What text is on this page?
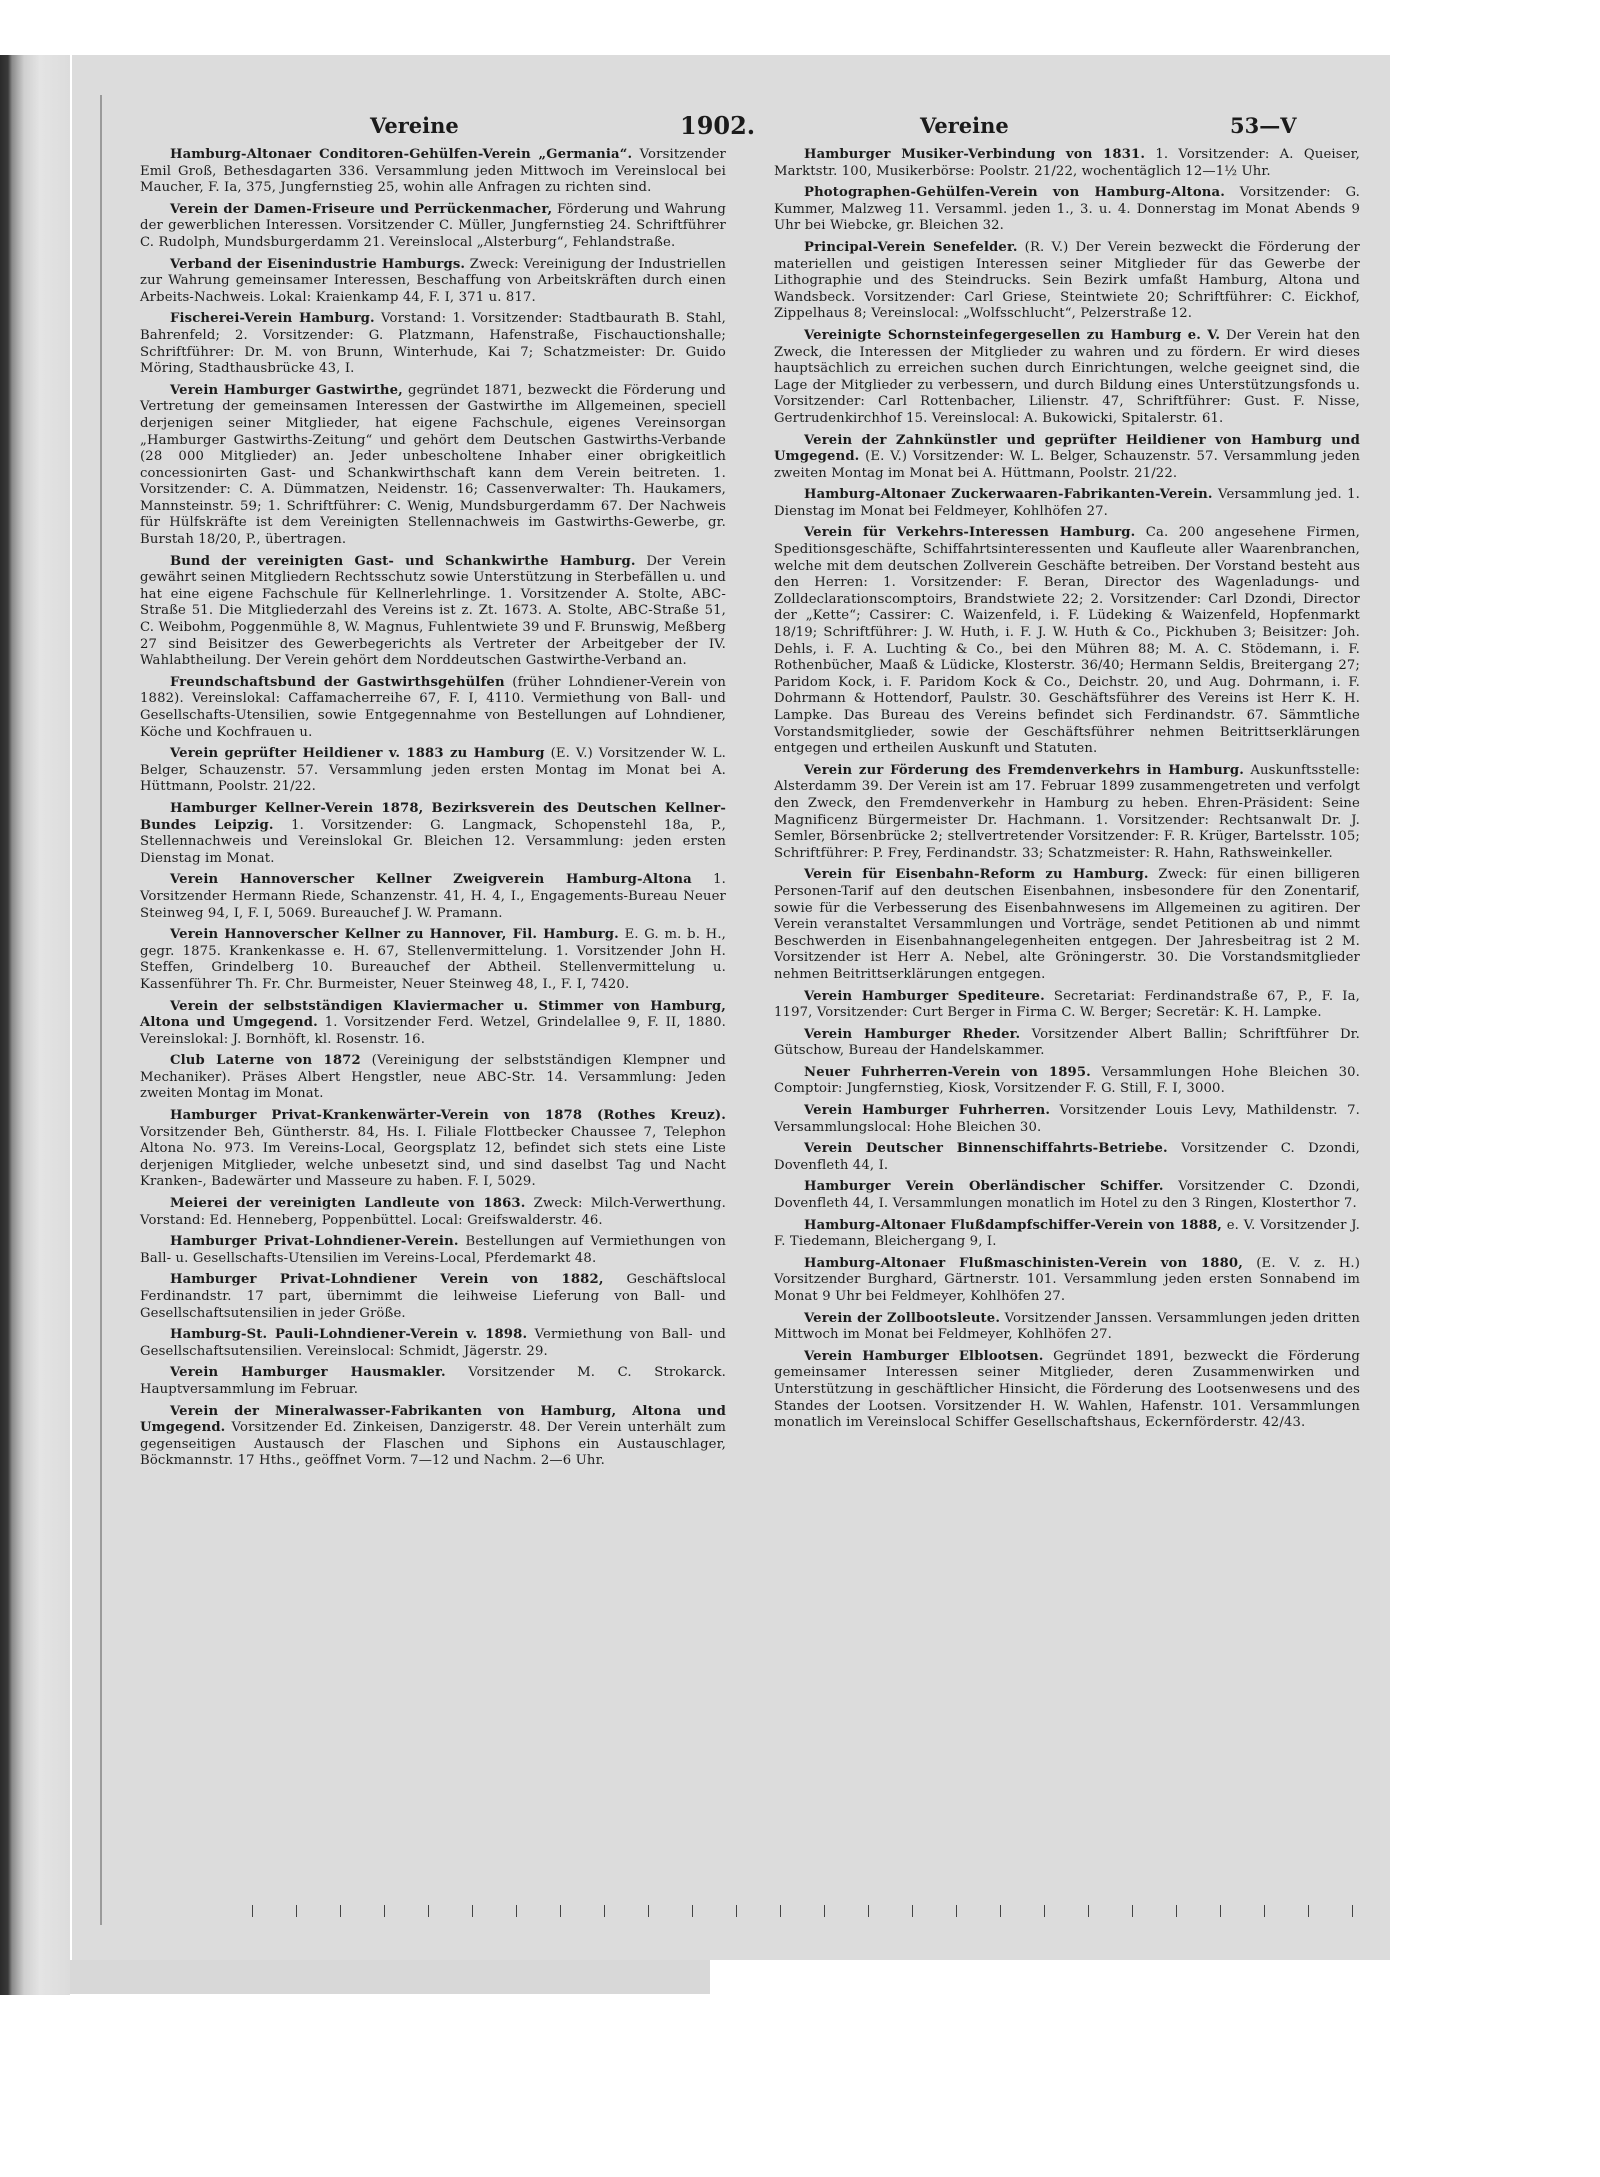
Vereine	1902.	Vereine	53—V

Hamburg-Altonaer Conditoren-Gehülfen-Verein „Germania“. Vorsitzender Emil Groß, Bethesdagarten 336. Versammlung jeden Mittwoch im Vereinslocal bei Maucher, F. Ia, 375, Jungfernstieg 25, wohin alle Anfragen zu richten sind.

Verein der Damen-Friseure und Perrückenmacher, Förderung und Wahrung der gewerblichen Interessen. Vorsitzender C. Müller, Jungfernstieg 24. Schriftführer C. Rudolph, Mundsburgerdamm 21. Vereinslocal „Alsterburg“, Fehlandstraße.

Verband der Eisenindustrie Hamburgs. Zweck: Vereinigung der Industriellen zur Wahrung gemeinsamer Interessen, Beschaffung von Arbeitskräften durch einen Arbeits-Nachweis. Lokal: Kraienkamp 44, F. I, 371 u. 817.

Fischerei-Verein Hamburg. Vorstand: 1. Vorsitzender: Stadtbaurath B. Stahl, Bahrenfeld; 2. Vorsitzender: G. Platzmann, Hafenstraße, Fischauctionshalle; Schriftführer: Dr. M. von Brunn, Winterhude, Kai 7; Schatzmeister: Dr. Guido Möring, Stadthausbrücke 43, I.

Verein Hamburger Gastwirthe, gegründet 1871, bezweckt die Förderung und Vertretung der gemeinsamen Interessen der Gastwirthe im Allgemeinen, speciell derjenigen seiner Mitglieder, hat eigene Fachschule, eigenes Vereinsorgan „Hamburger Gastwirths-Zeitung“ und gehört dem Deutschen Gastwirths-Verbande (28 000 Mitglieder) an. Jeder unbescholtene Inhaber einer obrigkeitlich concessionirten Gast- und Schankwirthschaft kann dem Verein beitreten. 1. Vorsitzender: C. A. Dümmatzen, Neidenstr. 16; Cassenverwalter: Th. Haukamers, Mannsteinstr. 59; 1. Schriftführer: C. Wenig, Mundsburgerdamm 67. Der Nachweis für Hülfskräfte ist dem Vereinigten Stellennachweis im Gastwirths-Gewerbe, gr. Burstah 18/20, P., übertragen.

Bund der vereinigten Gast- und Schankwirthe Hamburg. Der Verein gewährt seinen Mitgliedern Rechtsschutz sowie Unterstützung in Sterbefällen u. und hat eine eigene Fachschule für Kellnerlehrlinge. 1. Vorsitzender A. Stolte, ABC-Straße 51. Die Mitgliederzahl des Vereins ist z. Zt. 1673. A. Stolte, ABC-Straße 51, C. Weibohm, Poggenmühle 8, W. Magnus, Fuhlentwiete 39 und F. Brunswig, Meßberg 27 sind Beisitzer des Gewerbegerichts als Vertreter der Arbeitgeber der IV. Wahlabtheilung. Der Verein gehört dem Norddeutschen Gastwirthe-Verband an.

Freundschaftsbund der Gastwirthsgehülfen (früher Lohndiener-Verein von 1882). Vereinslokal: Caffamacherreihe 67, F. I, 4110. Vermiethung von Ball- und Gesellschafts-Utensilien, sowie Entgegennahme von Bestellungen auf Lohndiener, Köche und Kochfrauen u.

Verein geprüfter Heildiener v. 1883 zu Hamburg (E. V.) Vorsitzender W. L. Belger, Schauzenstr. 57. Versammlung jeden ersten Montag im Monat bei A. Hüttmann, Poolstr. 21/22.

Hamburger Kellner-Verein 1878, Bezirksverein des Deutschen Kellner-Bundes Leipzig. 1. Vorsitzender: G. Langmack, Schopenstehl 18a, P., Stellennachweis und Vereinslokal Gr. Bleichen 12. Versammlung: jeden ersten Dienstag im Monat.

Verein Hannoverscher Kellner Zweigverein Hamburg-Altona 1. Vorsitzender Hermann Riede, Schanzenstr. 41, H. 4, I., Engagements-Bureau Neuer Steinweg 94, I, F. I, 5069. Bureauchef J. W. Pramann.

Verein Hannoverscher Kellner zu Hannover, Fil. Hamburg. E. G. m. b. H., gegr. 1875. Krankenkasse e. H. 67, Stellenvermittelung. 1. Vorsitzender John H. Steffen, Grindelberg 10. Bureauchef der Abtheil. Stellenvermittelung u. Kassenführer Th. Fr. Chr. Burmeister, Neuer Steinweg 48, I., F. I, 7420.

Verein der selbstständigen Klaviermacher u. Stimmer von Hamburg, Altona und Umgegend. 1. Vorsitzender Ferd. Wetzel, Grindelallee 9, F. II, 1880. Vereinslokal: J. Bornhöft, kl. Rosenstr. 16.

Club Laterne von 1872 (Vereinigung der selbstständigen Klempner und Mechaniker). Präses Albert Hengstler, neue ABC-Str. 14. Versammlung: Jeden zweiten Montag im Monat.

Hamburger Privat-Krankenwärter-Verein von 1878 (Rothes Kreuz). Vorsitzender Beh, Güntherstr. 84, Hs. I. Filiale Flottbecker Chaussee 7, Telephon Altona No. 973. Im Vereins-Local, Georgsplatz 12, befindet sich stets eine Liste derjenigen Mitglieder, welche unbesetzt sind, und sind daselbst Tag und Nacht Kranken-, Badewärter und Masseure zu haben. F. I, 5029.

Meierei der vereinigten Landleute von 1863. Zweck: Milch-Verwerthung. Vorstand: Ed. Henneberg, Poppenbüttel. Local: Greifswalderstr. 46.

Hamburger Privat-Lohndiener-Verein. Bestellungen auf Vermiethungen von Ball- u. Gesellschafts-Utensilien im Vereins-Local, Pferdemarkt 48.

Hamburger Privat-Lohndiener Verein von 1882, Geschäftslocal Ferdinandstr. 17 part, übernimmt die leihweise Lieferung von Ball- und Gesellschaftsutensilien in jeder Größe.

Hamburg-St. Pauli-Lohndiener-Verein v. 1898. Vermiethung von Ball- und Gesellschaftsutensilien. Vereinslocal: Schmidt, Jägerstr. 29.

Verein Hamburger Hausmakler. Vorsitzender M. C. Strokarck. Hauptversammlung im Februar.

Verein der Mineralwasser-Fabrikanten von Hamburg, Altona und Umgegend. Vorsitzender Ed. Zinkeisen, Danzigerstr. 48. Der Verein unterhält zum gegenseitigen Austausch der Flaschen und Siphons ein Austauschlager, Böckmannstr. 17 Hths., geöffnet Vorm. 7—12 und Nachm. 2—6 Uhr.

Hamburger Musiker-Verbindung von 1831. 1. Vorsitzender: A. Queiser, Marktstr. 100, Musikerbörse: Poolstr. 21/22, wochentäglich 12—1½ Uhr.

Photographen-Gehülfen-Verein von Hamburg-Altona. Vorsitzender: G. Kummer, Malzweg 11. Versamml. jeden 1., 3. u. 4. Donnerstag im Monat Abends 9 Uhr bei Wiebcke, gr. Bleichen 32.

Principal-Verein Senefelder. (R. V.) Der Verein bezweckt die Förderung der materiellen und geistigen Interessen seiner Mitglieder für das Gewerbe der Lithographie und des Steindrucks. Sein Bezirk umfaßt Hamburg, Altona und Wandsbeck. Vorsitzender: Carl Griese, Steintwiete 20; Schriftführer: C. Eickhof, Zippelhaus 8; Vereinslocal: „Wolfsschlucht“, Pelzerstraße 12.

Vereinigte Schornsteinfegergesellen zu Hamburg e. V. Der Verein hat den Zweck, die Interessen der Mitglieder zu wahren und zu fördern. Er wird dieses hauptsächlich zu erreichen suchen durch Einrichtungen, welche geeignet sind, die Lage der Mitglieder zu verbessern, und durch Bildung eines Unterstützungsfonds u. Vorsitzender: Carl Rottenbacher, Lilienstr. 47, Schriftführer: Gust. F. Nisse, Gertrudenkirchhof 15. Vereinslocal: A. Bukowicki, Spitalerstr. 61.

Verein der Zahnkünstler und geprüfter Heildiener von Hamburg und Umgegend. (E. V.) Vorsitzender: W. L. Belger, Schauzenstr. 57. Versammlung jeden zweiten Montag im Monat bei A. Hüttmann, Poolstr. 21/22.

Hamburg-Altonaer Zuckerwaaren-Fabrikanten-Verein. Versammlung jed. 1. Dienstag im Monat bei Feldmeyer, Kohlhöfen 27.

Verein für Verkehrs-Interessen Hamburg. Ca. 200 angesehene Firmen, Speditionsgeschäfte, Schiffahrtsinteressenten und Kaufleute aller Waarenbranchen, welche mit dem deutschen Zollverein Geschäfte betreiben. Der Vorstand besteht aus den Herren: 1. Vorsitzender: F. Beran, Director des Wagenladungs- und Zolldeclarationscomptoirs, Brandstwiete 22; 2. Vorsitzender: Carl Dzondi, Director der „Kette“; Cassirer: C. Waizenfeld, i. F. Lüdeking & Waizenfeld, Hopfenmarkt 18/19; Schriftführer: J. W. Huth, i. F. J. W. Huth & Co., Pickhuben 3; Beisitzer: Joh. Dehls, i. F. A. Luchting & Co., bei den Mühren 88; M. A. C. Stödemann, i. F. Rothenbücher, Maaß & Lüdicke, Klosterstr. 36/40; Hermann Seldis, Breitergang 27; Paridom Kock, i. F. Paridom Kock & Co., Deichstr. 20, und Aug. Dohrmann, i. F. Dohrmann & Hottendorf, Paulstr. 30. Geschäftsführer des Vereins ist Herr K. H. Lampke. Das Bureau des Vereins befindet sich Ferdinandstr. 67. Sämmtliche Vorstandsmitglieder, sowie der Geschäftsführer nehmen Beitrittserklärungen entgegen und ertheilen Auskunft und Statuten.

Verein zur Förderung des Fremdenverkehrs in Hamburg. Auskunftsstelle: Alsterdamm 39. Der Verein ist am 17. Februar 1899 zusammengetreten und verfolgt den Zweck, den Fremdenverkehr in Hamburg zu heben. Ehren-Präsident: Seine Magnificenz Bürgermeister Dr. Hachmann. 1. Vorsitzender: Rechtsanwalt Dr. J. Semler, Börsenbrücke 2; stellvertretender Vorsitzender: F. R. Krüger, Bartelsstr. 105; Schriftführer: P. Frey, Ferdinandstr. 33; Schatzmeister: R. Hahn, Rathsweinkeller.

Verein für Eisenbahn-Reform zu Hamburg. Zweck: für einen billigeren Personen-Tarif auf den deutschen Eisenbahnen, insbesondere für den Zonentarif, sowie für die Verbesserung des Eisenbahnwesens im Allgemeinen zu agitiren. Der Verein veranstaltet Versammlungen und Vorträge, sendet Petitionen ab und nimmt Beschwerden in Eisenbahnangelegenheiten entgegen. Der Jahresbeitrag ist 2 M. Vorsitzender ist Herr A. Nebel, alte Gröningerstr. 30. Die Vorstandsmitglieder nehmen Beitrittserklärungen entgegen.

Verein Hamburger Spediteure. Secretariat: Ferdinandstraße 67, P., F. Ia, 1197, Vorsitzender: Curt Berger in Firma C. W. Berger; Secretär: K. H. Lampke.

Verein Hamburger Rheder. Vorsitzender Albert Ballin; Schriftführer Dr. Gütschow, Bureau der Handelskammer.

Neuer Fuhrherren-Verein von 1895. Versammlungen Hohe Bleichen 30. Comptoir: Jungfernstieg, Kiosk, Vorsitzender F. G. Still, F. I, 3000.

Verein Hamburger Fuhrherren. Vorsitzender Louis Levy, Mathildenstr. 7. Versammlungslocal: Hohe Bleichen 30.

Verein Deutscher Binnenschiffahrts-Betriebe. Vorsitzender C. Dzondi, Dovenfleth 44, I.

Hamburger Verein Oberländischer Schiffer. Vorsitzender C. Dzondi, Dovenfleth 44, I. Versammlungen monatlich im Hotel zu den 3 Ringen, Klosterthor 7.

Hamburg-Altonaer Flußdampfschiffer-Verein von 1888, e. V. Vorsitzender J. F. Tiedemann, Bleichergang 9, I.

Hamburg-Altonaer Flußmaschinisten-Verein von 1880, (E. V. z. H.) Vorsitzender Burghard, Gärtnerstr. 101. Versammlung jeden ersten Sonnabend im Monat 9 Uhr bei Feldmeyer, Kohlhöfen 27.

Verein der Zollbootsleute. Vorsitzender Janssen. Versammlungen jeden dritten Mittwoch im Monat bei Feldmeyer, Kohlhöfen 27.

Verein Hamburger Elblootsen. Gegründet 1891, bezweckt die Förderung gemeinsamer Interessen seiner Mitglieder, deren Zusammenwirken und Unterstützung in geschäftlicher Hinsicht, die Förderung des Lootsenwesens und des Standes der Lootsen. Vorsitzender H. W. Wahlen, Hafenstr. 101. Versammlungen monatlich im Vereinslocal Schiffer Gesellschaftshaus, Eckernförderstr. 42/43.
